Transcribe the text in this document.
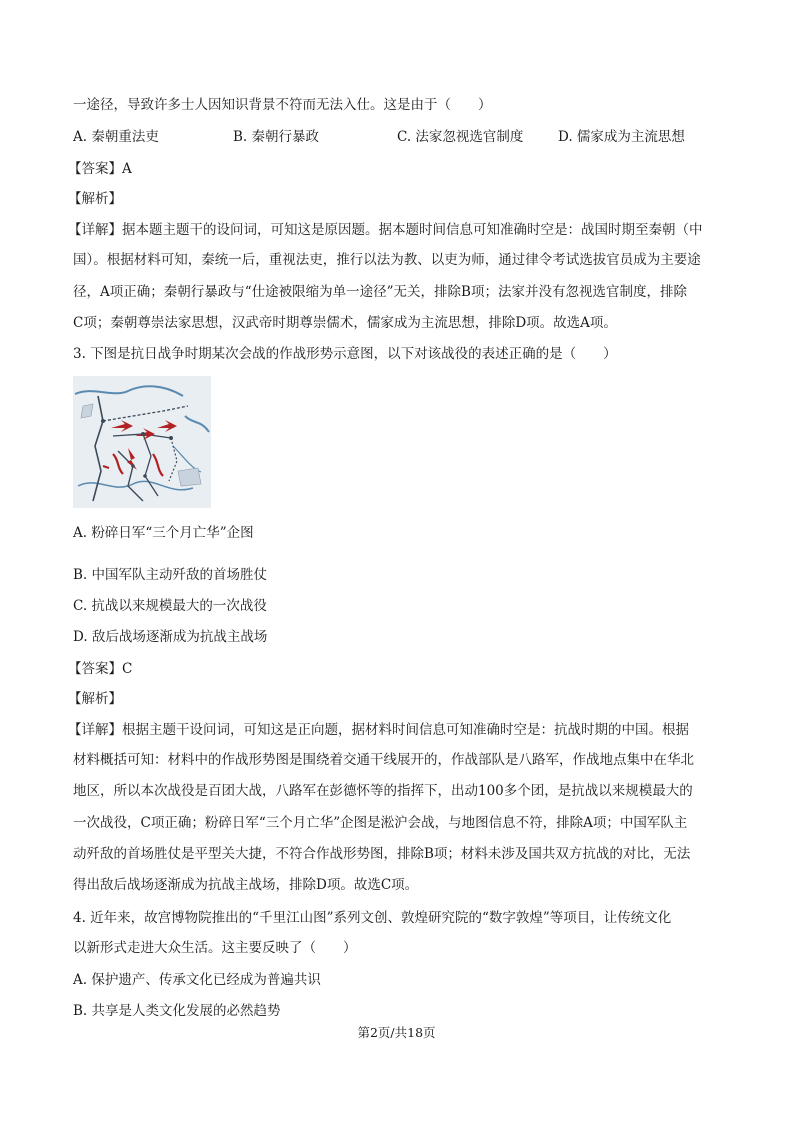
一途径，导致许多士人因知识背景不符而无法入仕。这是由于（　　）
A. 秦朝重法吏	B. 秦朝行暴政	C. 法家忽视选官制度	D. 儒家成为主流思想
【答案】A
【解析】
【详解】据本题主题干的设问词，可知这是原因题。据本题时间信息可知准确时空是：战国时期至秦朝（中
国）。根据材料可知，秦统一后，重视法吏，推行以法为教、以吏为师，通过律令考试选拔官员成为主要途
径，A项正确；秦朝行暴政与“仕途被限缩为单一途径”无关，排除B项；法家并没有忽视选官制度，排除
C项；秦朝尊崇法家思想，汉武帝时期尊崇儒术，儒家成为主流思想，排除D项。故选A项。
3. 下图是抗日战争时期某次会战的作战形势示意图，以下对该战役的表述正确的是（　　）
A. 粉碎日军“三个月亡华”企图
B. 中国军队主动歼敌的首场胜仗
C. 抗战以来规模最大的一次战役
D. 敌后战场逐渐成为抗战主战场
【答案】C
【解析】
【详解】根据主题干设问词，可知这是正向题，据材料时间信息可知准确时空是：抗战时期的中国。根据
材料概括可知：材料中的作战形势图是围绕着交通干线展开的，作战部队是八路军，作战地点集中在华北
地区，所以本次战役是百团大战，八路军在彭德怀等的指挥下，出动100多个团，是抗战以来规模最大的
一次战役，C项正确；粉碎日军“三个月亡华”企图是淞沪会战，与地图信息不符，排除A项；中国军队主
动歼敌的首场胜仗是平型关大捷，不符合作战形势图，排除B项；材料未涉及国共双方抗战的对比，无法
得出敌后战场逐渐成为抗战主战场，排除D项。故选C项。
4. 近年来，故宫博物院推出的“千里江山图”系列文创、敦煌研究院的“数字敦煌”等项目，让传统文化
以新形式走进大众生活。这主要反映了（　　）
A. 保护遗产、传承文化已经成为普遍共识
B. 共享是人类文化发展的必然趋势
第2页/共18页
